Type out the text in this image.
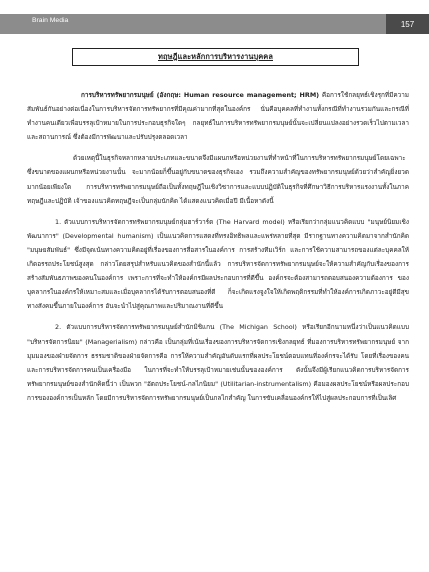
Brain Media	157
ทฤษฎีและหลักการบริหารงานบุคคล

การบริหารทรัพยากรมนุษย์ (อังกฤษ: Human resource management; HRM) คือการใช้กลยุทธ์เชิงรุกที่มีความสัมพันธ์กันอย่างต่อเนื่องในการบริหารจัดการทรัพยากรที่มีคุณค่ามากที่สุดในองค์กร นั่นคือบุคคลที่ทำงานทั้งกรณีที่ทำงานรวมกันและกรณีที่ทำงานคนเดียวเพื่อบรรลุเป้าหมายในการประกอบธุรกิจใดๆ กลยุทธ์ในการบริหารทรัพยากรมนุษย์นั้นจะเปลี่ยนแปลงอย่างรวดเร็วไปตามเวลาและสถานการณ์ ซึ่งต้องมีการพัฒนาและปรับปรุงตลอดเวลา

ด้วยเหตุนี้ในธุรกิจหลากหลายประเภทและขนาดจึงมีแผนกหรือหน่วยงานที่ทำหน้าที่ในการบริหารทรัพยากรมนุษย์โดยเฉพาะ ซึ่งขนาดของแผนกหรือหน่วยงานนั้น จะมากน้อยก็ขึ้นอยู่กับขนาดของธุรกิจเอง รวมถึงความสำคัญของทรัพยากรมนุษย์ด้วยว่าสำคัญยิ่งยวดมากน้อยเพียงใด การบริหารทรัพยากรมนุษย์ถือเป็นทั้งทฤษฎีในเชิงวิชาการและแบบปฏิบัติในธุรกิจที่ศึกษาวิธีการบริหารแรงงานทั้งในภาคทฤษฎีและปฏิบัติ เจ้าของแนวคิดทฤษฎีจะเป็นกลุ่มนักคิด ได้แสดงแนวคิดเมื่อปี มีเนื้อหาดังนี้

1. ตัวแบบการบริหารจัดการทรัพยากรมนุษย์กลุ่มฮาร์วาร์ด (The Harvard model) หรือเรียกว่ากลุ่มแนวคิดแบบ "มนุษย์นิยมเชิงพัฒนาการ" (Developmental humanism) เป็นแนวคิดการแสดงที่ทรงอิทธิพลและแพร่หลายที่สุด มีรากฐานทางความคิดมาจากสำนักคิด "มนุษยสัมพันธ์" ซึ่งมีจุดเน้นทางความคิดอยู่ที่เรื่องของการสื่อสารในองค์การ การสร้างทีมเวิร์ก และการใช้ความสามารถของแต่ละบุคคลให้เกิดอรรถประโยชน์สูงสุด กล่าวโดยสรุปสำหรับแนวคิดของสำนักนี้แล้ว การบริหารจัดการทรัพยากรมนุษย์จะให้ความสำคัญกับเรื่องของการสร้างสัมพันธภาพของคนในองค์การ เพราะการที่จะทำให้องค์กรมีผลประกอบการที่ดีขึ้น องค์กรจะต้องสามารถตอบสนองความต้องการ ของบุคลากรในองค์กรให้เหมาะสมและเมื่อบุคลากรได้รับการตอบสนองที่ดี ก็จะเกิดแรงจูงใจให้เกิดพฤติกรรมที่ทำให้องค์การเกิดภาวะอยู่ดีมีสุขทางสังคมขึ้นภายในองค์การ อันจะนำไปสู่คุณภาพและปริมาณงานที่ดีขึ้น

2. ตัวแบบการบริหารจัดการทรัพยากรมนุษย์สำนักมิชิแกน (The Michigan School) หรือเรียกอีกนามหนึ่งว่าเป็นแนวคิดแบบ "บริหารจัดการนิยม" (Managerialism) กล่าวคือ เป็นกลุ่มที่เน้นเรื่องของการบริหารจัดการเชิงกลยุทธ์ ที่มองการบริหารทรัพยากรมนุษย์ จากมุมมองของฝ่ายจัดการ ธรรมชาติของฝ่ายจัดการคือ การให้ความสำคัญอันดับแรกที่ผลประโยชน์ตอบแทนที่องค์กรจะได้รับ โดยที่เรื่องของคนและการบริหารจัดการคนเป็นเครื่องมือ ในการที่จะทำให้บรรลุเป้าหมายเช่นนั้นขององค์การ ดังนั้นจึงมีผู้เรียกแนวคิดการบริหารจัดการ ทรัพยากรมนุษย์ของสำนักคิดนี้ว่า เป็นพวก "อัตถประโยชน์-กลไกนิยม" (Utilitarian-instrumentalism) คือมองผลประโยชน์หรือผลประกอบการขององค์การเป็นหลัก โดยมีการบริหารจัดการทรัพยากรมนุษย์เป็นกลไกสำคัญ ในการขับเคลื่อนองค์กรให้ไปสู่ผลประกอบการที่เป็นเลิศ
